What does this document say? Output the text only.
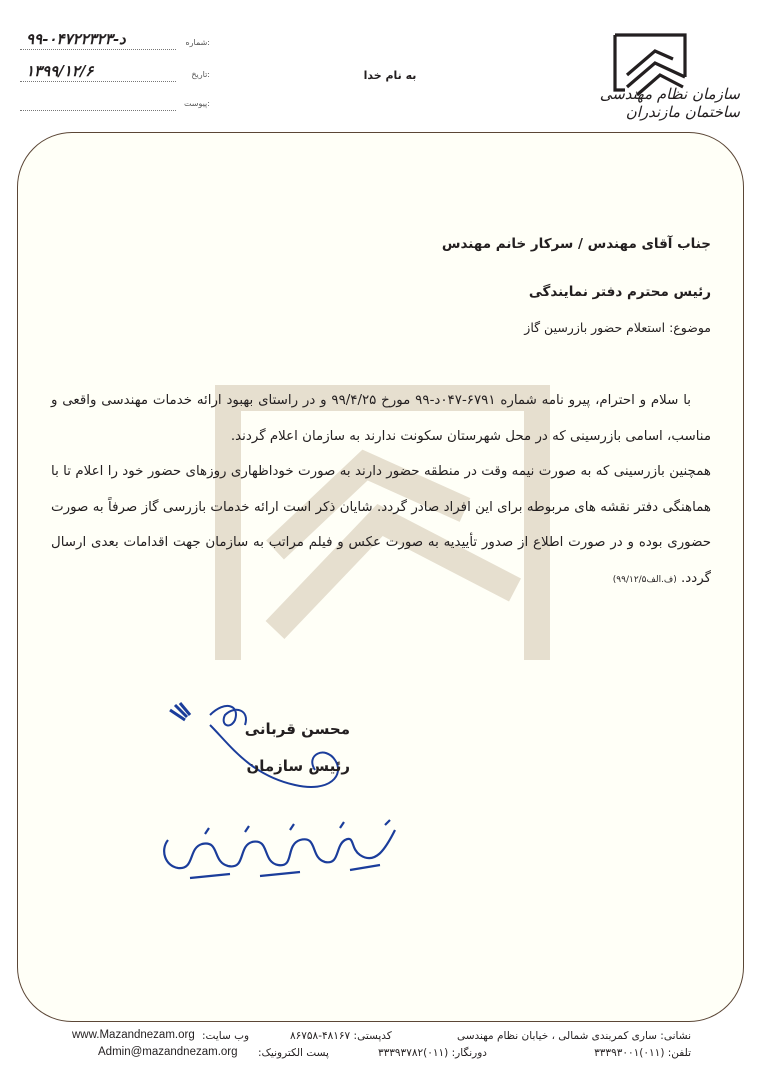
سازمان نظام مهندسی ساختمان مازندران
به نام خدا
۹۹-۰۴۷د-۲۲۳۲۳	شماره:
۱۳۹۹/۱۲/۶	تاریخ:
پیوست:
جناب آقای مهندس / سرکار خانم مهندس
رئیس محترم دفتر نمایندگی
موضوع: استعلام حضور بازرسین گاز
با سلام و احترام، پیرو نامه شماره ۶۷۹۱-۰۴۷د-۹۹ مورخ ۹۹/۴/۲۵ و در راستای بهبود ارائه خدمات مهندسی واقعی و مناسب، اسامی بازرسینی که در محل شهرستان سکونت ندارند به سازمان اعلام گردند.
همچنین بازرسینی که به صورت نیمه وقت در منطقه حضور دارند به صورت خوداظهاری روزهای حضور خود را اعلام تا با هماهنگی دفتر نقشه های مربوطه برای این افراد صادر گردد. شایان ذکر است ارائه خدمات بازرسی گاز صرفاً به صورت حضوری بوده و در صورت اطلاع از صدور تأییدیه به صورت عکس و فیلم مراتب به سازمان جهت اقدامات بعدی ارسال گردد. (ف.الف۹۹/۱۲/۵)
محسن قربانی
رئیس سازمان
نشانی: ساری کمربندی شمالی ، خیابان نظام مهندسی
کدپستی: ۴۸۱۶۷-۸۶۷۵۸
وب سایت:
www.Mazandnezam.org
تلفن: (۰۱۱)۳۳۳۹۳۰۰۱
دورنگار: (۰۱۱)۳۳۳۹۳۷۸۲
پست الکترونیک:
Admin@mazandnezam.org
